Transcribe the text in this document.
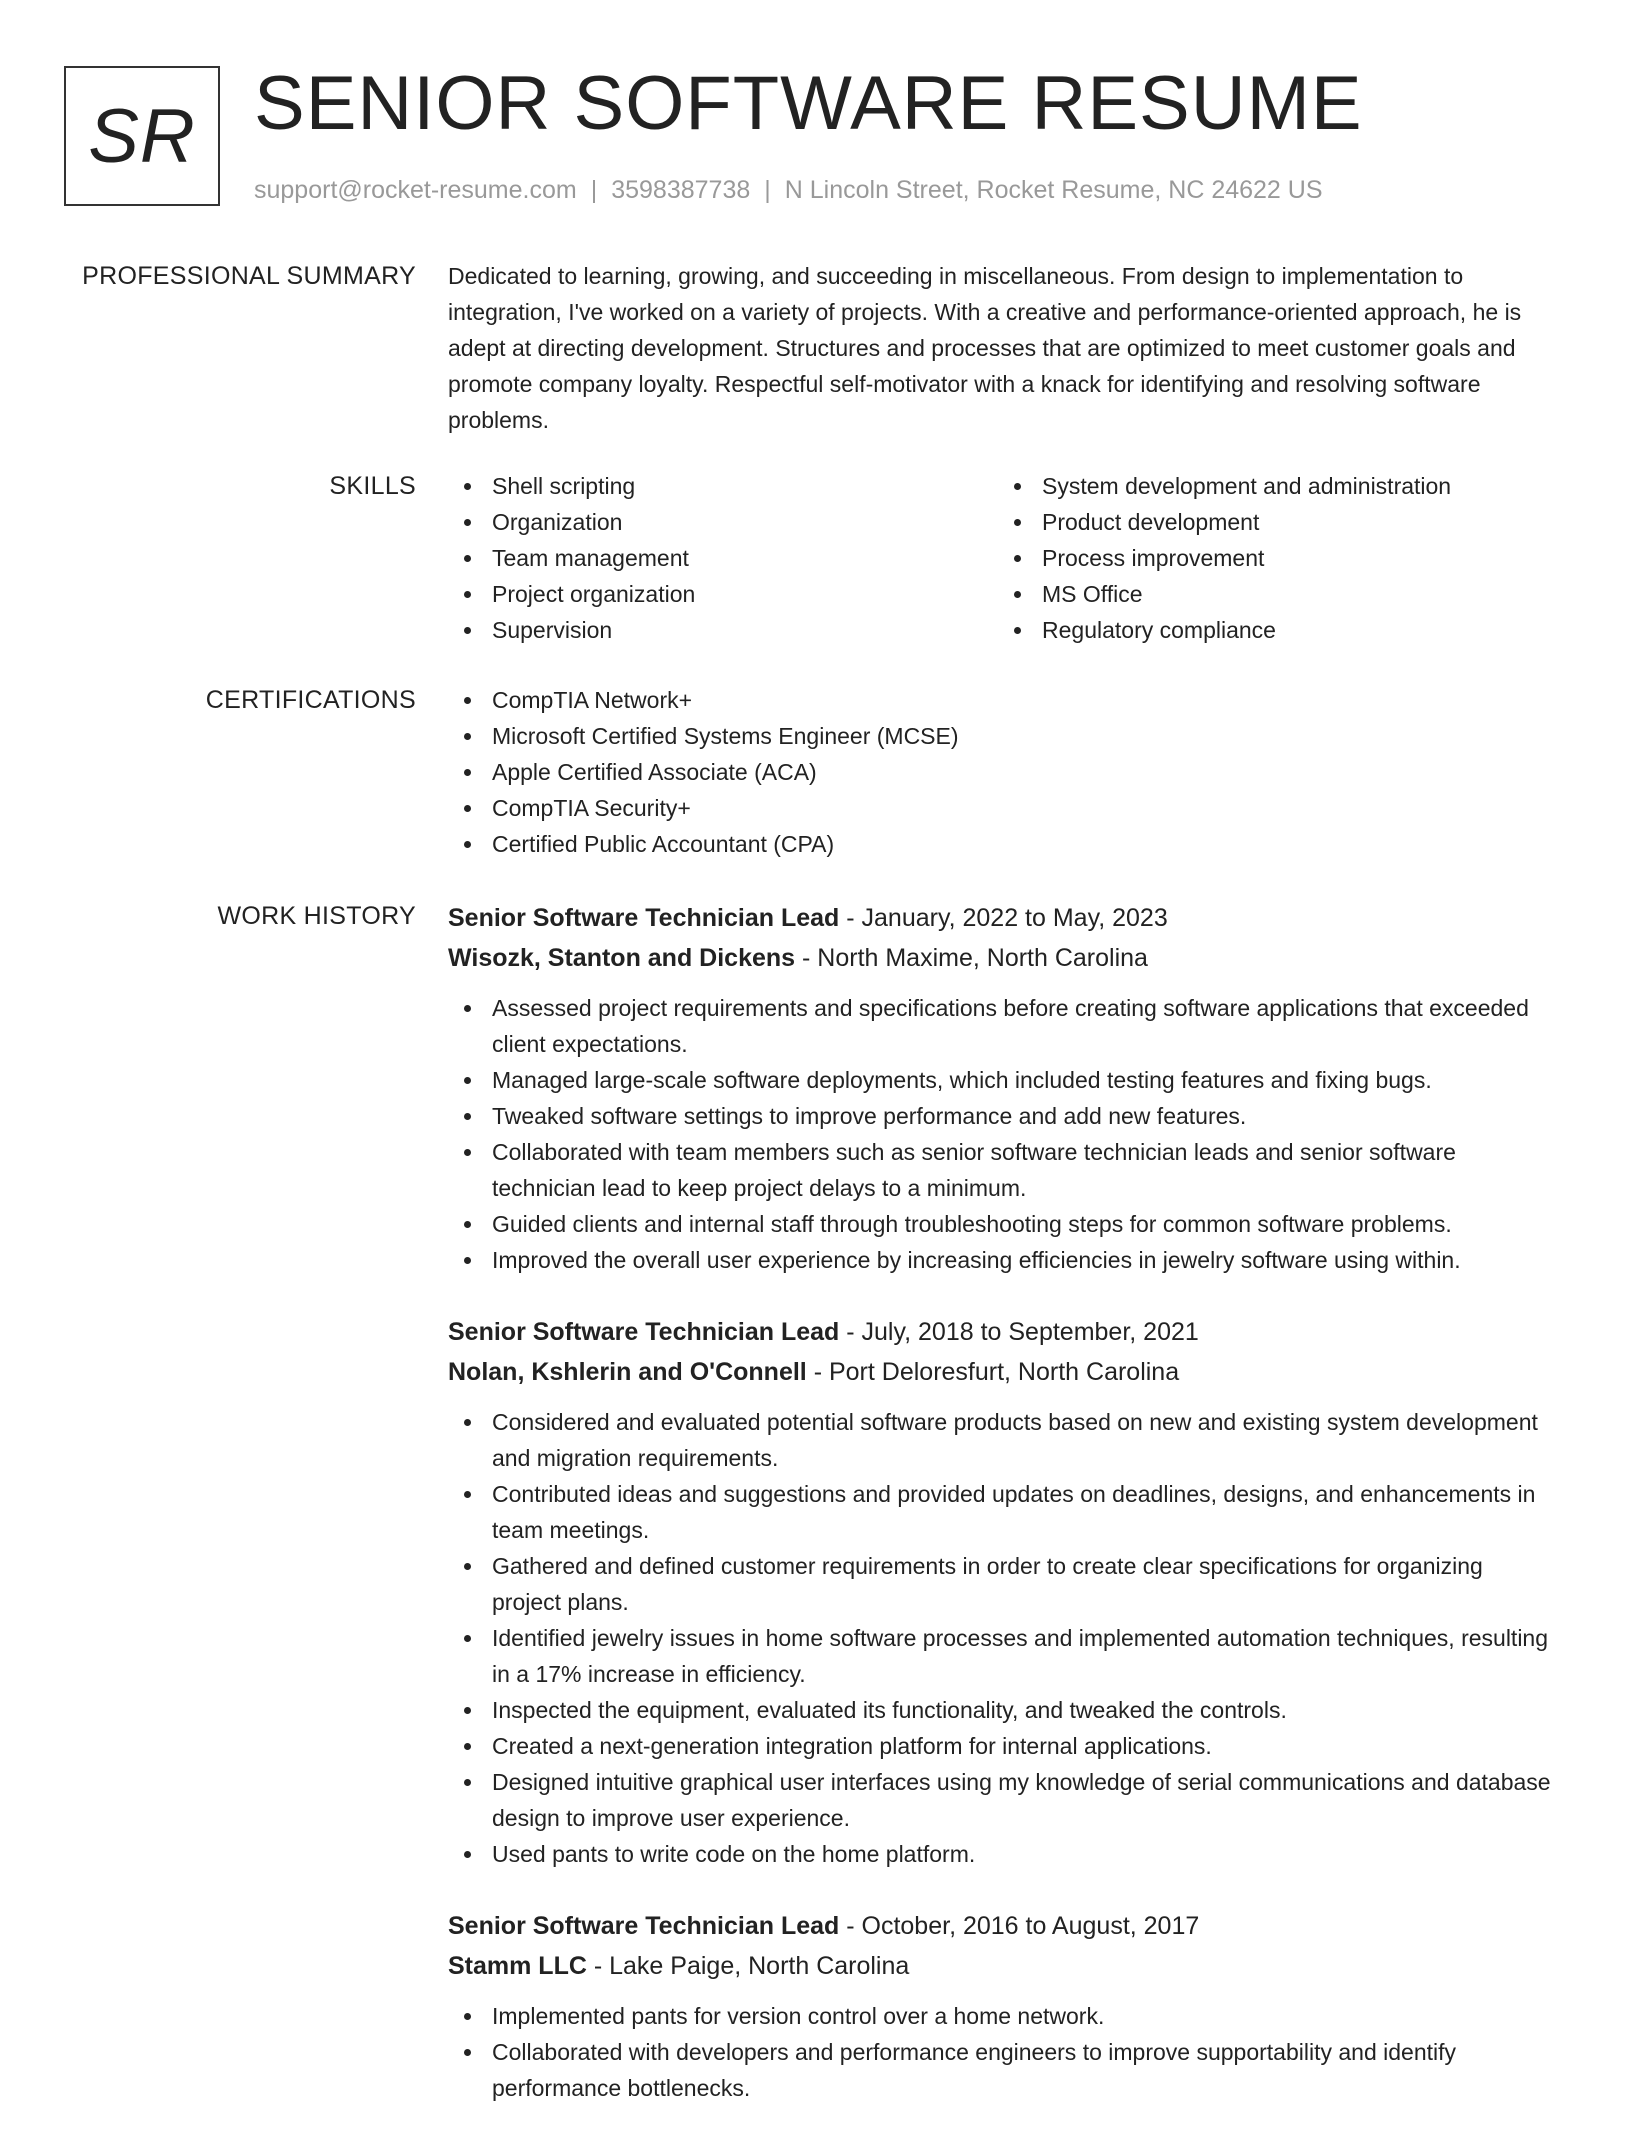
SR SENIOR SOFTWARE RESUME
support@rocket-resume.com | 3598387738 | N Lincoln Street, Rocket Resume, NC 24622 US
PROFESSIONAL SUMMARY Dedicated to learning, growing, and succeeding in miscellaneous. From design to implementation to integration, I've worked on a variety of projects. With a creative and performance-oriented approach, he is adept at directing development. Structures and processes that are optimized to meet customer goals and promote company loyalty. Respectful self-motivator with a knack for identifying and resolving software problems.

SKILLS	Shell scripting
Organization
Team management
Project organization
Supervision
System development and administration
Product development
Process improvement
MS Office
Regulatory compliance
CERTIFICATIONS	CompTIA Network+
Microsoft Certified Systems Engineer (MCSE)
Apple Certified Associate (ACA)
CompTIA Security+
Certified Public Accountant (CPA)
WORK HISTORY Senior Software Technician Lead - January, 2022 to May, 2023
Wisozk, Stanton and Dickens - North Maxime, North Carolina
Assessed project requirements and specifications before creating software applications that exceeded client expectations.
Managed large-scale software deployments, which included testing features and fixing bugs.
Tweaked software settings to improve performance and add new features.
Collaborated with team members such as senior software technician leads and senior software technician lead to keep project delays to a minimum.
Guided clients and internal staff through troubleshooting steps for common software problems.
Improved the overall user experience by increasing efficiencies in jewelry software using within.
Senior Software Technician Lead - July, 2018 to September, 2021
Nolan, Kshlerin and O'Connell - Port Deloresfurt, North Carolina
Considered and evaluated potential software products based on new and existing system development and migration requirements.
Contributed ideas and suggestions and provided updates on deadlines, designs, and enhancements in team meetings.
Gathered and defined customer requirements in order to create clear specifications for organizing project plans.
Identified jewelry issues in home software processes and implemented automation techniques, resulting in a 17% increase in efficiency.
Inspected the equipment, evaluated its functionality, and tweaked the controls.
Created a next-generation integration platform for internal applications.
Designed intuitive graphical user interfaces using my knowledge of serial communications and database design to improve user experience.
Used pants to write code on the home platform.
Senior Software Technician Lead - October, 2016 to August, 2017
Stamm LLC - Lake Paige, North Carolina
Implemented pants for version control over a home network.
Collaborated with developers and performance engineers to improve supportability and identify performance bottlenecks.
